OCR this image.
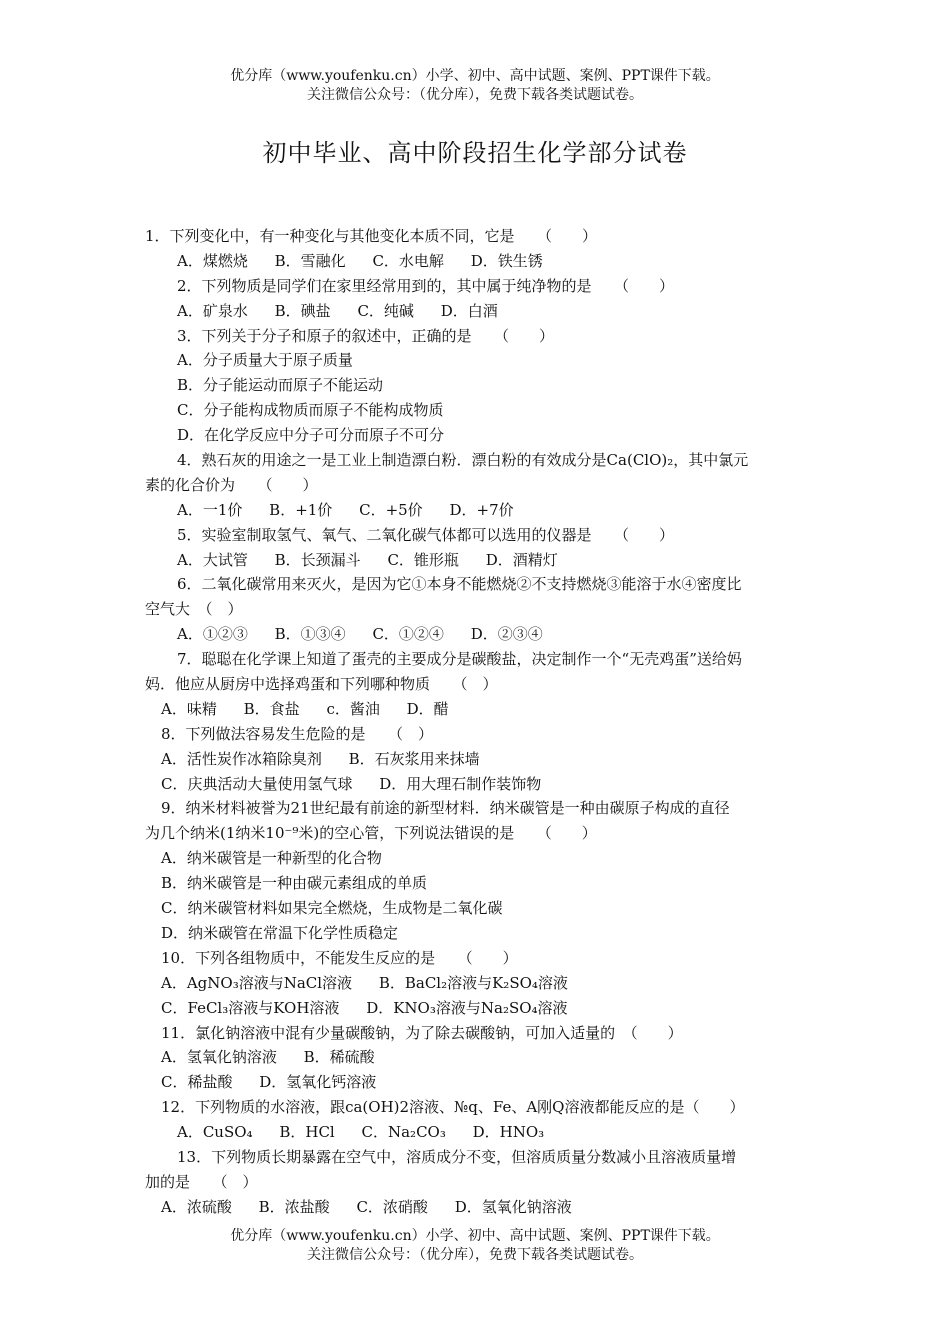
优分库（www.youfenku.cn）小学、初中、高中试题、案例、PPT课件下载。
关注微信公众号：（优分库），免费下载各类试题试卷。
初中毕业、高中阶段招生化学部分试卷
1．下列变化中，有一种变化与其他变化本质不同，它是　　（　　）
A．煤燃烧 B．雪融化 C．水电解 D．铁生锈
2．下列物质是同学们在家里经常用到的，其中属于纯净物的是　　（　　）
A．矿泉水 B．碘盐 C．纯碱 D．白酒
3．下列关于分子和原子的叙述中，正确的是　　（　　）
A．分子质量大于原子质量
B．分子能运动而原子不能运动
C．分子能构成物质而原子不能构成物质
D．在化学反应中分子可分而原子不可分
4．熟石灰的用途之一是工业上制造漂白粉．漂白粉的有效成分是Ca(ClO)₂，其中氯元
素的化合价为　　（　　）
A．一1价 B．+1价 C．+5价 D．+7价
5．实验室制取氢气、氧气、二氧化碳气体都可以选用的仪器是　　（　　）
A．大试管 B．长颈漏斗 C．锥形瓶 D．酒精灯
6．二氧化碳常用来灭火，是因为它①本身不能燃烧②不支持燃烧③能溶于水④密度比
空气大　（　）
A．①②③ B．①③④ C．①②④ D．②③④
7．聪聪在化学课上知道了蛋壳的主要成分是碳酸盐，决定制作一个“无壳鸡蛋”送给妈
妈．他应从厨房中选择鸡蛋和下列哪种物质　　（　）
A．味精 B．食盐 c．酱油 D．醋
8．下列做法容易发生危险的是　　（　）
A．活性炭作冰箱除臭剂 B．石灰浆用来抹墙
C．庆典活动大量使用氢气球 D．用大理石制作装饰物
9．纳米材料被誉为21世纪最有前途的新型材料．纳米碳管是一种由碳原子构成的直径
为几个纳米(1纳米10⁻⁹米)的空心管，下列说法错误的是　　（　　）
A．纳米碳管是一种新型的化合物
B．纳米碳管是一种由碳元素组成的单质
C．纳米碳管材料如果完全燃烧，生成物是二氧化碳
D．纳米碳管在常温下化学性质稳定
10．下列各组物质中，不能发生反应的是　　（　　）
A．AgNO₃溶液与NaCl溶液 B．BaCl₂溶液与K₂SO₄溶液
C．FeCl₃溶液与KOH溶液 D．KNO₃溶液与Na₂SO₄溶液
11．氯化钠溶液中混有少量碳酸钠，为了除去碳酸钠，可加入适量的　（　　）
A．氢氧化钠溶液 B．稀硫酸
C．稀盐酸 D．氢氧化钙溶液
12．下列物质的水溶液，跟ca(OH)2溶液、№q、Fe、A刚Q溶液都能反应的是（　　）
A．CuSO₄ B．HCl C．Na₂CO₃ D．HNO₃
13．下列物质长期暴露在空气中，溶质成分不变，但溶质质量分数减小且溶液质量增
加的是　　（　）
A．浓硫酸 B．浓盐酸 C．浓硝酸 D．氢氧化钠溶液
优分库（www.youfenku.cn）小学、初中、高中试题、案例、PPT课件下载。
关注微信公众号：（优分库），免费下载各类试题试卷。
